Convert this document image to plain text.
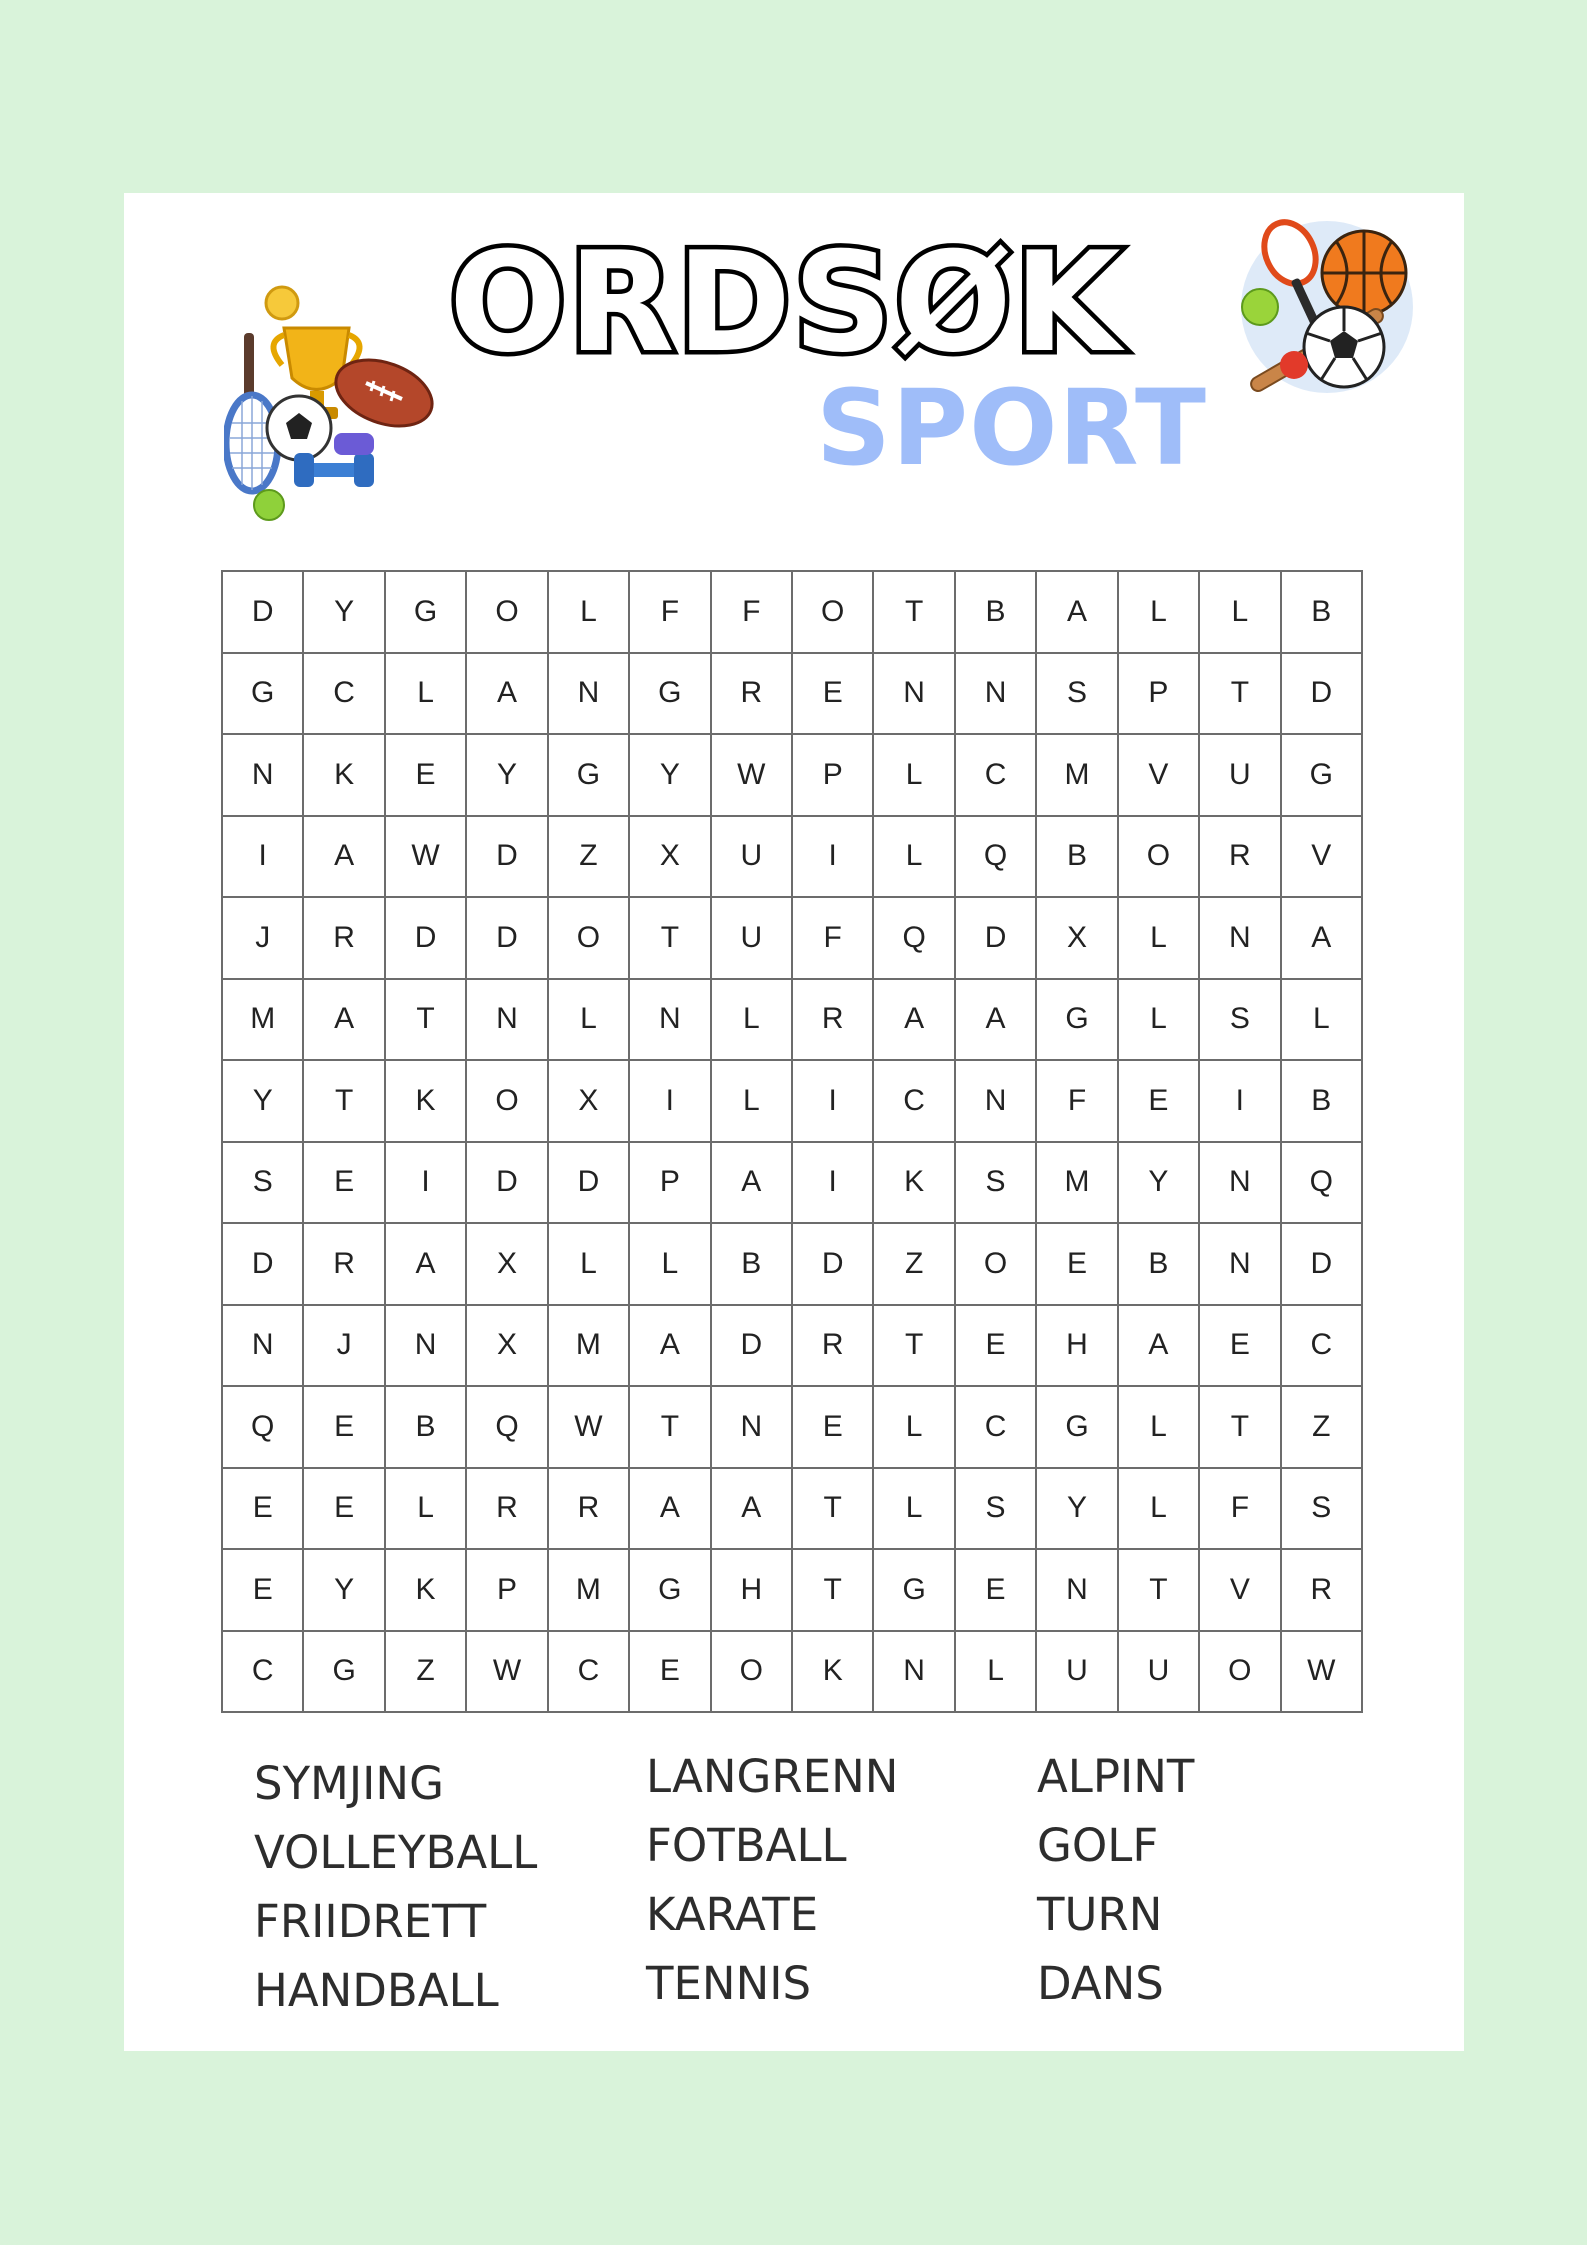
ORDSØK
SPORT
D	Y	G	O	L	F	F	O	T	B	A	L	L	B
G	C	L	A	N	G	R	E	N	N	S	P	T	D
N	K	E	Y	G	Y	W	P	L	C	M	V	U	G
I	A	W	D	Z	X	U	I	L	Q	B	O	R	V
J	R	D	D	O	T	U	F	Q	D	X	L	N	A
M	A	T	N	L	N	L	R	A	A	G	L	S	L
Y	T	K	O	X	I	L	I	C	N	F	E	I	B
S	E	I	D	D	P	A	I	K	S	M	Y	N	Q
D	R	A	X	L	L	B	D	Z	O	E	B	N	D
N	J	N	X	M	A	D	R	T	E	H	A	E	C
Q	E	B	Q	W	T	N	E	L	C	G	L	T	Z
E	E	L	R	R	A	A	T	L	S	Y	L	F	S
E	Y	K	P	M	G	H	T	G	E	N	T	V	R
C	G	Z	W	C	E	O	K	N	L	U	U	O	W
SYMJING
VOLLEYBALL
FRIIDRETT
HANDBALL
LANGRENN
FOTBALL
KARATE
TENNIS
ALPINT
GOLF
TURN
DANS
